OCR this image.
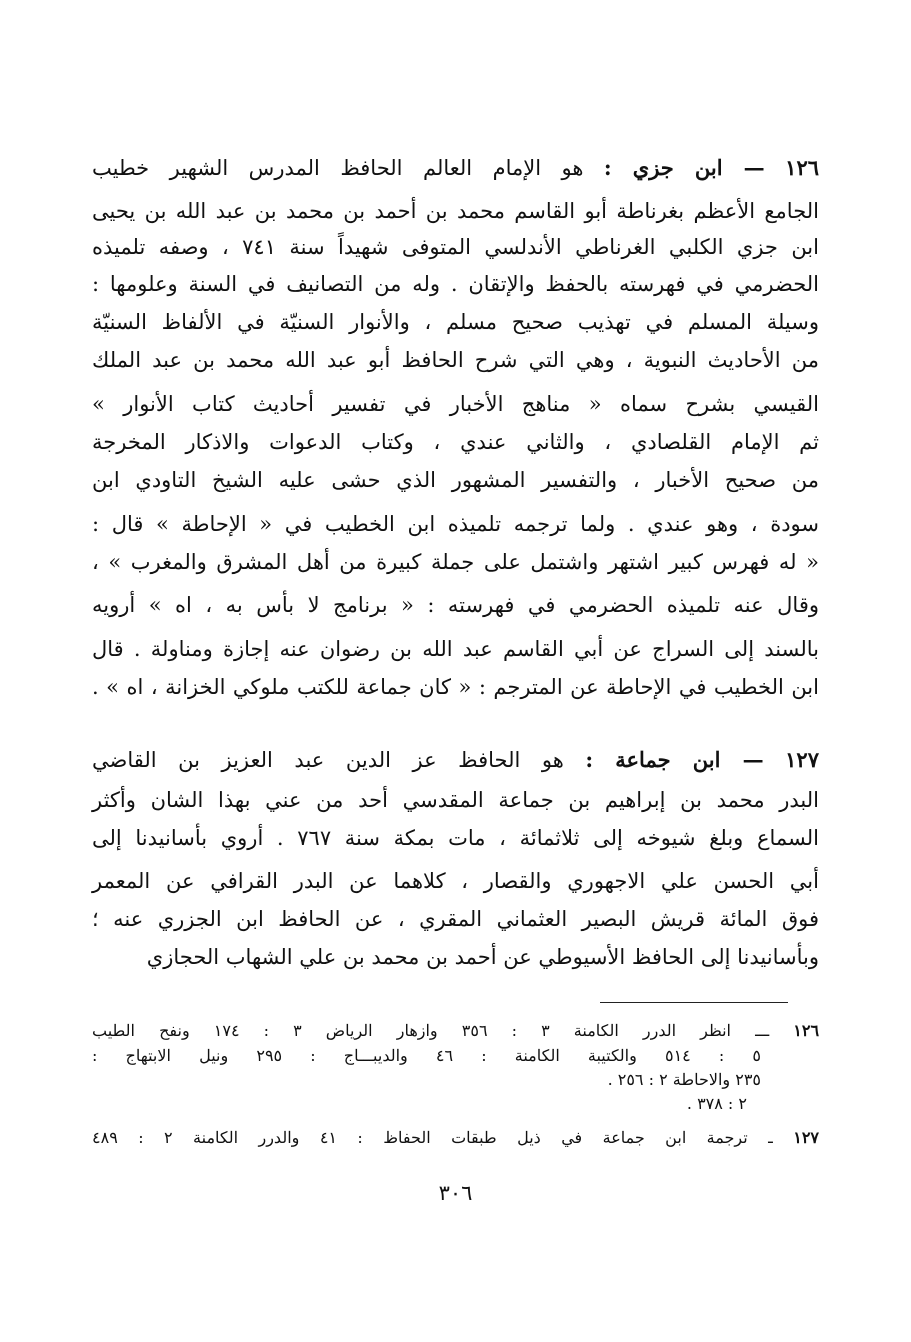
١٢٦ — ابن جزي : هو الإمام العالم الحافظ المدرس الشهير خطيب
الجامع الأعظم بغرناطة أبو القاسم محمد بن أحمد بن محمد بن عبد الله بن يحيى
ابن جزي الكلبي الغرناطي الأندلسي المتوفى شهيداً سنة ٧٤١ ، وصفه تلميذه
الحضرمي في فهرسته بالحفظ والإتقان . وله من التصانيف في السنة وعلومها :
وسيلة المسلم في تهذيب صحيح مسلم ، والأنوار السنيّة في الألفاظ السنيّة
من الأحاديث النبوية ، وهي التي شرح الحافظ أبو عبد الله محمد بن عبد الملك
القيسي بشرح سماه « مناهج الأخبار في تفسير أحاديث كتاب الأنوار »
ثم الإمام القلصادي ، والثاني عندي ، وكتاب الدعوات والاذكار المخرجة
من صحيح الأخبار ، والتفسير المشهور الذي حشى عليه الشيخ التاودي ابن
سودة ، وهو عندي . ولما ترجمه تلميذه ابن الخطيب في « الإحاطة » قال :
« له فهرس كبير اشتهر واشتمل على جملة كبيرة من أهل المشرق والمغرب » ،
وقال عنه تلميذه الحضرمي في فهرسته : « برنامج لا بأس به ، اه » أرويه
بالسند إلى السراج عن أبي القاسم عبد الله بن رضوان عنه إجازة ومناولة . قال
ابن الخطيب في الإحاطة عن المترجم : « كان جماعة للكتب ملوكي الخزانة ، اه » .
١٢٧ — ابن جماعة : هو الحافظ عز الدين عبد العزيز بن القاضي
البدر محمد بن إبراهيم بن جماعة المقدسي أحد من عني بهذا الشان وأكثر
السماع وبلغ شيوخه إلى ثلاثمائة ، مات بمكة سنة ٧٦٧ . أروي بأسانيدنا إلى
أبي الحسن علي الاجهوري والقصار ، كلاهما عن البدر القرافي عن المعمر
فوق المائة قريش البصير العثماني المقري ، عن الحافظ ابن الجزري عنه ؛
وبأسانيدنا إلى الحافظ الأسيوطي عن أحمد بن محمد بن علي الشهاب الحجازي
١٢٦ ـــ انظر الدرر الكامنة ٣ : ٣٥٦ وازهار الرياض ٣ : ١٧٤ ونفح الطيب
٥ : ٥١٤ والكتيبة الكامنة : ٤٦ والديبـــاج : ٢٩٥ ونيل الابتهاج :
٢٣٥ والاحاطة ٢ : ٢٥٦ .
٢ : ٣٧٨ .
١٢٧ ـ ترجمة ابن جماعة في ذيل طبقات الحفاظ : ٤١ والدرر الكامنة ٢ : ٤٨٩
٣٠٦
